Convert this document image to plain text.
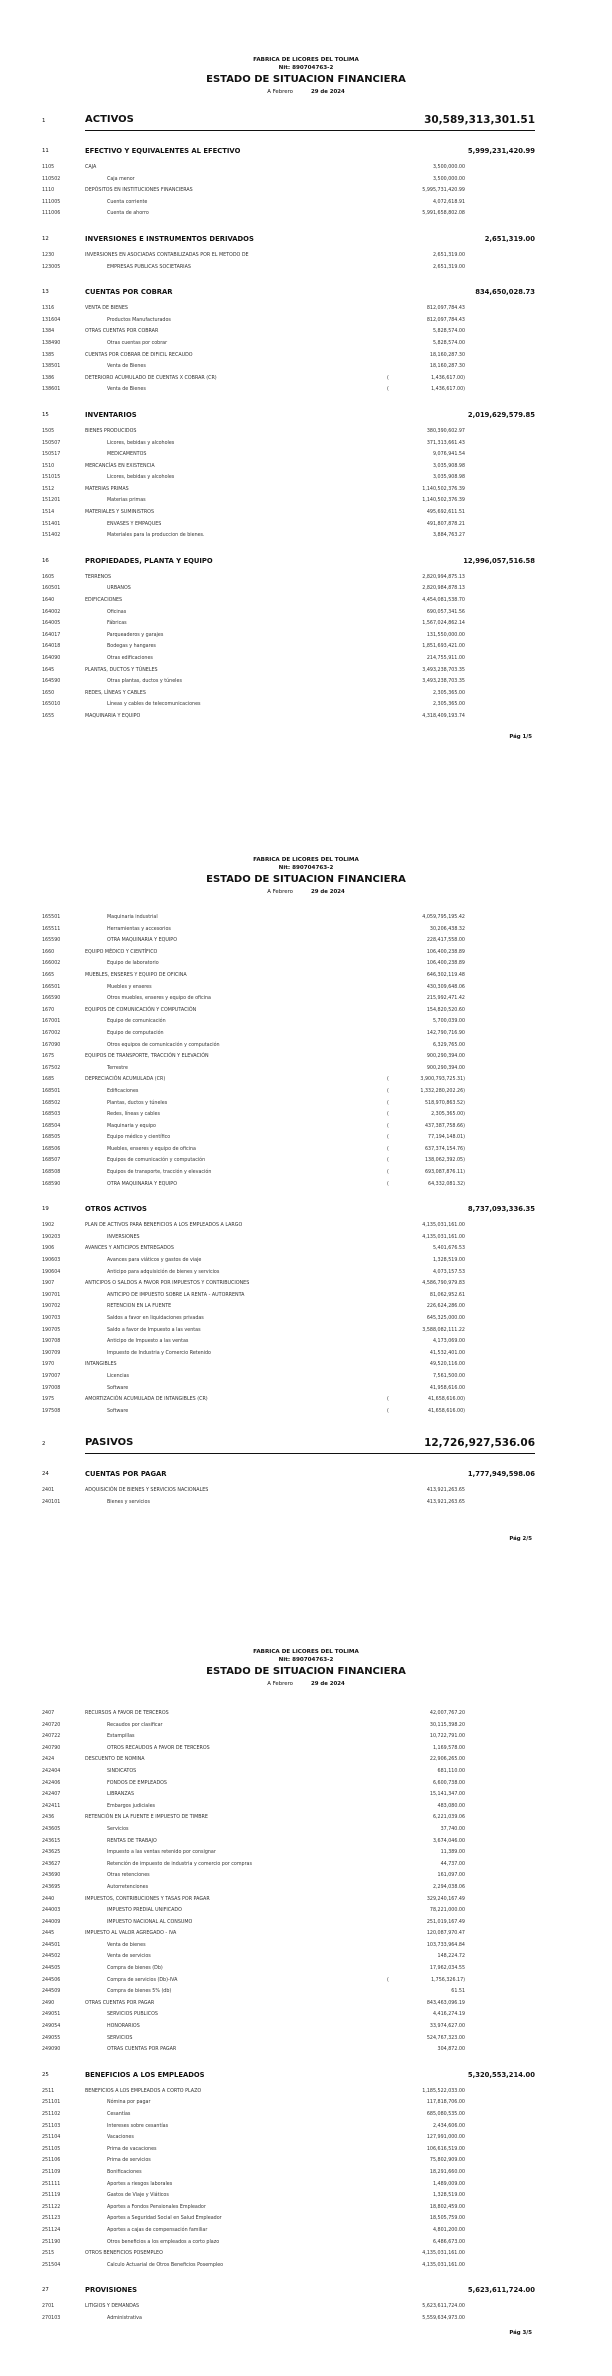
FABRICA DE LICORES DEL TOLIMA
Nit: 890704763-2
ESTADO DE SITUACION FINANCIERA
A Febrero	29 de 2024
1	ACTIVOS	30,589,313,301.51
11	EFECTIVO Y EQUIVALENTES AL EFECTIVO	5,999,231,420.99
1105	CAJA	3,500,000.00
110502	Caja menor	3,500,000.00
1110	DEPÓSITOS EN INSTITUCIONES FINANCIERAS	5,995,731,420.99
111005	Cuenta corriente	4,072,618.91
111006	Cuenta de ahorro	5,991,658,802.08
12	INVERSIONES E INSTRUMENTOS DERIVADOS	2,651,319.00
1230	INVERSIONES EN ASOCIADAS CONTABILIZADAS POR EL METODO DE	2,651,319.00
123005	EMPRESAS PUBLICAS SOCIETARIAS	2,651,319.00
13	CUENTAS POR COBRAR	834,650,028.73
1316	VENTA DE BIENES	812,097,784.43
131604	Productos Manufacturados	812,097,784.43
1384	OTRAS CUENTAS POR COBRAR	5,828,574.00
138490	Otras cuentas por cobrar	5,828,574.00
1385	CUENTAS POR COBRAR DE DIFICIL RECAUDO	18,160,287.30
138501	Venta de Bienes	18,160,287.30
1386	DETERIORO ACUMULADO DE CUENTAS X COBRAR (CR)	(	1,436,617.00)
138601	Venta de Bienes	(	1,436,617.00)
15	INVENTARIOS	2,019,629,579.85
1505	BIENES PRODUCIDOS	380,390,602.97
150507	Licores, bebidas y alcoholes	371,313,661.43
150517	MEDICAMENTOS	9,076,941.54
1510	MERCANCÍAS EN EXISTENCIA	3,035,908.98
151015	Licores, bebidas y alcoholes	3,035,908.98
1512	MATERIAS PRIMAS	1,140,502,376.39
151201	Materias primas	1,140,502,376.39
1514	MATERIALES Y SUMINISTROS	495,692,611.51
151401	ENVASES Y EMPAQUES	491,807,878.21
151402	Materiales para la produccion de bienes.	3,884,763.27
16	PROPIEDADES, PLANTA Y EQUIPO	12,996,057,516.58
1605	TERRENOS	2,820,994,875.13
160501	URBANOS	2,820,984,878.13
1640	EDIFICACIONES	4,454,081,538.70
164002	Oficinas	690,057,341.56
164005	Fábricas	1,567,024,862.14
164017	Parqueaderos y garajes	131,550,000.00
164018	Bodegas y hangares	1,851,693,421.00
164090	Otras edificaciones	214,755,911.00
1645	PLANTAS, DUCTOS Y TÚNELES	3,493,238,703.35
164590	Otras plantas, ductos y túneles	3,493,238,703.35
1650	REDES, LÍNEAS Y CABLES	2,305,365.00
165010	Líneas y cables de telecomunicaciones	2,305,365.00
1655	MAQUINARIA Y EQUIPO	4,318,409,193.74
Pág 1/5
FABRICA DE LICORES DEL TOLIMA
Nit: 890704763-2
ESTADO DE SITUACION FINANCIERA
A Febrero	29 de 2024
165501	Maquinaria industrial	4,059,795,195.42
165511	Herramientas y accesorios	30,206,438.32
165590	OTRA MAQUINARIA Y EQUIPO	228,417,558.00
1660	EQUIPO MÉDICO Y CIENTÍFICO	106,400,238.89
166002	Equipo de laboratorio	106,400,238.89
1665	MUEBLES, ENSERES Y EQUIPO DE OFICINA	646,302,119.48
166501	Muebles y enseres	430,309,648.06
166590	Otros muebles, enseres y equipo de oficina	215,992,471.42
1670	EQUIPOS DE COMUNICACIÓN Y COMPUTACIÓN	154,820,520.60
167001	Equipo de comunicación	5,700,039.00
167002	Equipo de computación	142,790,716.90
167090	Otros equipos de comunicación y computación	6,329,765.00
1675	EQUIPOS DE TRANSPORTE, TRACCIÓN Y ELEVACIÓN	900,290,394.00
167502	Terrestre	900,290,394.00
1685	DEPRECIACIÓN ACUMULADA (CR)	(	3,900,793,725.31)
168501	Edificaciones	(	1,332,280,202.26)
168502	Plantas, ductos y túneles	(	518,970,863.52)
168503	Redes, líneas y cables	(	2,305,365.00)
168504	Maquinaria y equipo	(	437,387,758.66)
168505	Equipo médico y científico	(	77,194,148.01)
168506	Muebles, enseres y equipo de oficina	(	637,374,154.76)
168507	Equipos de comunicación y computación	(	138,062,392.05)
168508	Equipos de transporte, tracción y elevación	(	693,087,876.11)
168590	OTRA MAQUINARIA Y EQUIPO	(	64,332,081.32)
19	OTROS ACTIVOS	8,737,093,336.35
1902	PLAN DE ACTIVOS PARA BENEFICIOS A LOS EMPLEADOS A LARGO	4,135,031,161.00
190203	INVERSIONES	4,135,031,161.00
1906	AVANCES Y ANTICIPOS ENTREGADOS	5,401,676.53
190603	Avances para viáticos y gastos de viaje	1,328,519.00
190604	Anticipo para adquisición de bienes y servicios	4,073,157.53
1907	ANTICIPOS O SALDOS A FAVOR POR IMPUESTOS Y CONTRIBUCIONES	4,586,790,979.83
190701	ANTICIPO DE IMPUESTO SOBRE LA RENTA - AUTORRENTA	81,062,952.61
190702	RETENCION EN LA FUENTE	226,624,286.00
190703	Saldos a favor en liquidaciones privadas	645,325,000.00
190705	Saldo a favor de Impuesto a las ventas	3,588,082,111.22
190708	Anticipo de Impuesto a las ventas	4,173,069.00
190709	Impuesto de Industria y Comercio Retenido	41,532,401.00
1970	INTANGIBLES	49,520,116.00
197007	Licencias	7,561,500.00
197008	Software	41,958,616.00
1975	AMORTIZACIÓN ACUMULADA DE INTANGIBLES (CR)	(	41,658,616.00)
197508	Software	(	41,658,616.00)
2	PASIVOS	12,726,927,536.06
24	CUENTAS POR PAGAR	1,777,949,598.06
2401	ADQUISICIÓN DE BIENES Y SERVICIOS NACIONALES	413,921,263.65
240101	Bienes y servicios	413,921,263.65
Pág 2/5
FABRICA DE LICORES DEL TOLIMA
Nit: 890704763-2
ESTADO DE SITUACION FINANCIERA
A Febrero	29 de 2024
2407	RECURSOS A FAVOR DE TERCEROS	42,007,767.20
240720	Recaudos por clasificar	30,115,398.20
240722	Estampillas	10,722,791.00
240790	OTROS RECAUDOS A FAVOR DE TERCEROS	1,169,578.00
2424	DESCUENTO DE NOMINA	22,906,265.00
242404	SINDICATOS	681,110.00
242406	FONDOS DE EMPLEADOS	6,600,738.00
242407	LIBRANZAS	15,141,347.00
242411	Embargos judiciales	483,080.00
2436	RETENCIÓN EN LA FUENTE E IMPUESTO DE TIMBRE	6,221,039.06
243605	Servicios	37,740.00
243615	RENTAS DE TRABAJO	3,674,046.00
243625	Impuesto a las ventas retenido por consignar	11,389.00
243627	Retención de impuesto de industria y comercio por compras	44,737.00
243690	Otras retenciones	161,097.00
243695	Autorretenciones	2,294,038.06
2440	IMPUESTOS, CONTRIBUCIONES Y TASAS POR PAGAR	329,240,167.49
244003	IMPUESTO PREDIAL UNIFICADO	78,221,000.00
244009	IMPUESTO NACIONAL AL CONSUMO	251,019,167.49
2445	IMPUESTO AL VALOR AGREGADO - IVA	120,087,970.47
244501	Venta de bienes	103,733,964.84
244502	Venta de servicios	148,224.72
244505	Compra de bienes (Db)	17,962,034.55
244506	Compra de servicios (Db)-IVA	(	1,756,326.17)
244509	Compra de bienes 5% (db)	61.51
2490	OTRAS CUENTAS POR PAGAR	843,463,096.19
249051	SERVICIOS PUBLICOS	4,416,274.19
249054	HONORARIOS	33,974,627.00
249055	SERVICIOS	524,767,323.00
249090	OTRAS CUENTAS POR PAGAR	304,872.00
25	BENEFICIOS A LOS EMPLEADOS	5,320,553,214.00
2511	BENEFICIOS A LOS EMPLEADOS A CORTO PLAZO	1,185,522,033.00
251101	Nómina por pagar	117,818,706.00
251102	Cesantías	685,080,535.00
251103	Intereses sobre cesantías	2,434,606.00
251104	Vacaciones	127,991,000.00
251105	Prima de vacaciones	106,616,519.00
251106	Prima de servicios	75,802,909.00
251109	Bonificaciones	18,291,660.00
251111	Aportes a riesgos laborales	1,489,009.00
251119	Gastos de Viaje y Viáticos	1,328,519.00
251122	Aportes a Fondos Pensionales Empleador	18,802,459.00
251123	Aportes a Seguridad Social en Salud Empleador	18,505,759.00
251124	Aportes a cajas de compensación familiar	4,801,200.00
251190	Otros beneficios a los empleados a corto plazo	6,486,673.00
2515	OTROS BENEFICIOS POSEMPLEO	4,135,031,161.00
251504	Calculo Actuarial de Otros Beneficios Posempleo	4,135,031,161.00
27	PROVISIONES	5,623,611,724.00
2701	LITIGIOS Y DEMANDAS	5,623,611,724.00
270103	Administrativa	5,559,634,973.00
Pág 3/5
